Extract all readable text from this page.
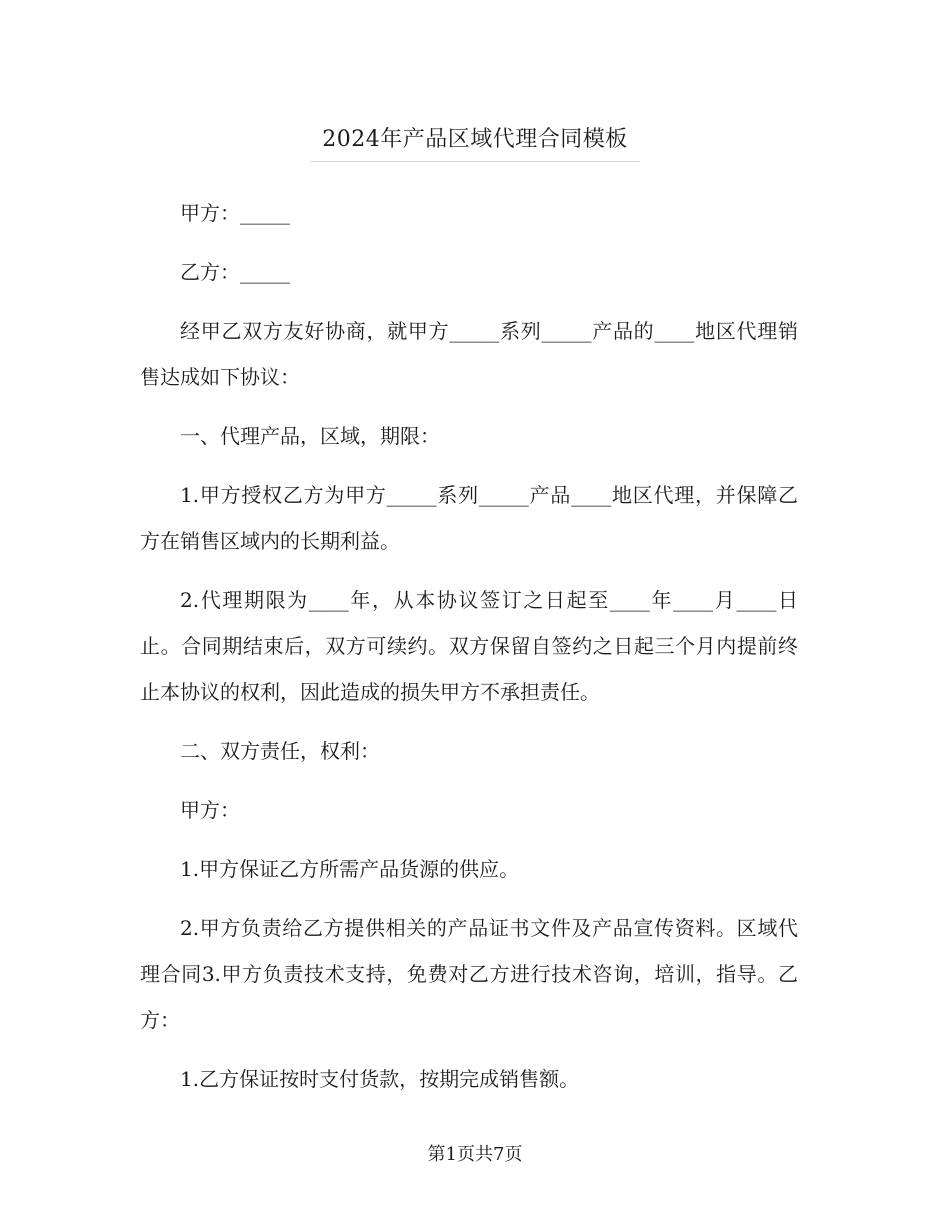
2024年产品区域代理合同模板

甲方：_____

乙方：_____

经甲乙双方友好协商，就甲方_____系列_____产品的____地区代理销售达成如下协议：

一、代理产品，区域，期限：

1.甲方授权乙方为甲方_____系列_____产品____地区代理，并保障乙方在销售区域内的长期利益。

2.代理期限为____年，从本协议签订之日起至____年____月____日止。合同期结束后，双方可续约。双方保留自签约之日起三个月内提前终止本协议的权利，因此造成的损失甲方不承担责任。

二、双方责任，权利：

甲方：

1.甲方保证乙方所需产品货源的供应。

2.甲方负责给乙方提供相关的产品证书文件及产品宣传资料。区域代理合同3.甲方负责技术支持，免费对乙方进行技术咨询，培训，指导。乙方：

1.乙方保证按时支付货款，按期完成销售额。

第1页共7页
